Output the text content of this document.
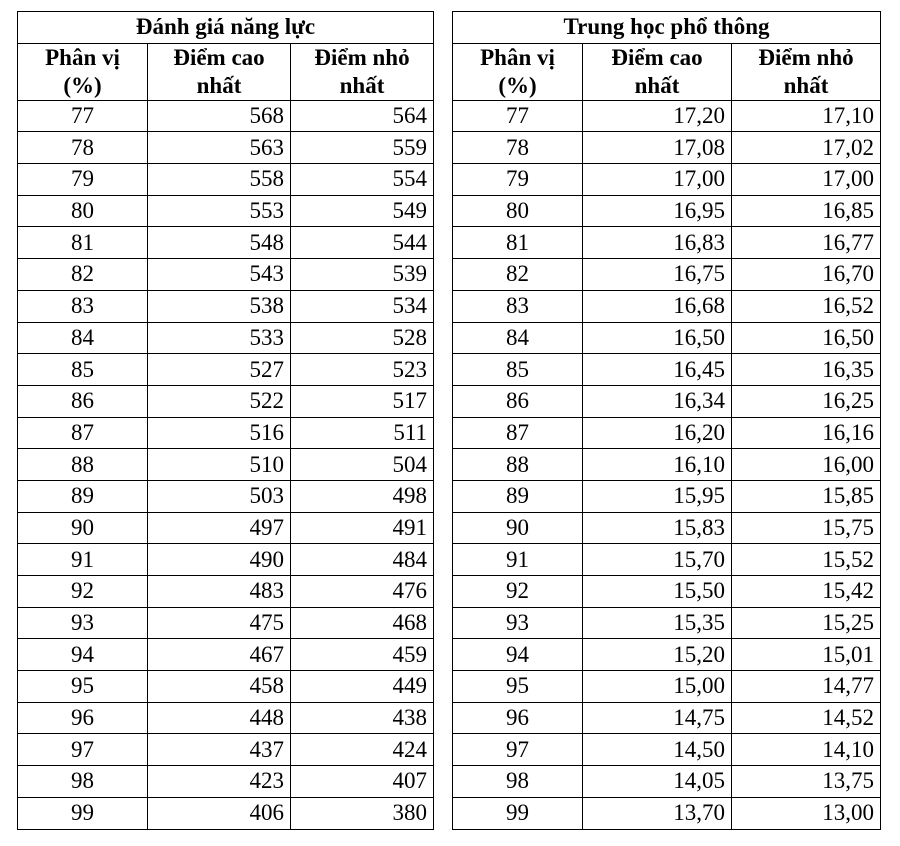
Đánh giá năng lực		
Phân vị (%)	Điểm cao nhất	Điểm nhỏ nhất
77	568	564
78	563	559
79	558	554
80	553	549
81	548	544
82	543	539
83	538	534
84	533	528
85	527	523
86	522	517
87	516	511
88	510	504
89	503	498
90	497	491
91	490	484
92	483	476
93	475	468
94	467	459
95	458	449
96	448	438
97	437	424
98	423	407
99	406	380
Trung học phổ thông		
Phân vị (%)	Điểm cao nhất	Điểm nhỏ nhất
77	17,20	17,10
78	17,08	17,02
79	17,00	17,00
80	16,95	16,85
81	16,83	16,77
82	16,75	16,70
83	16,68	16,52
84	16,50	16,50
85	16,45	16,35
86	16,34	16,25
87	16,20	16,16
88	16,10	16,00
89	15,95	15,85
90	15,83	15,75
91	15,70	15,52
92	15,50	15,42
93	15,35	15,25
94	15,20	15,01
95	15,00	14,77
96	14,75	14,52
97	14,50	14,10
98	14,05	13,75
99	13,70	13,00
